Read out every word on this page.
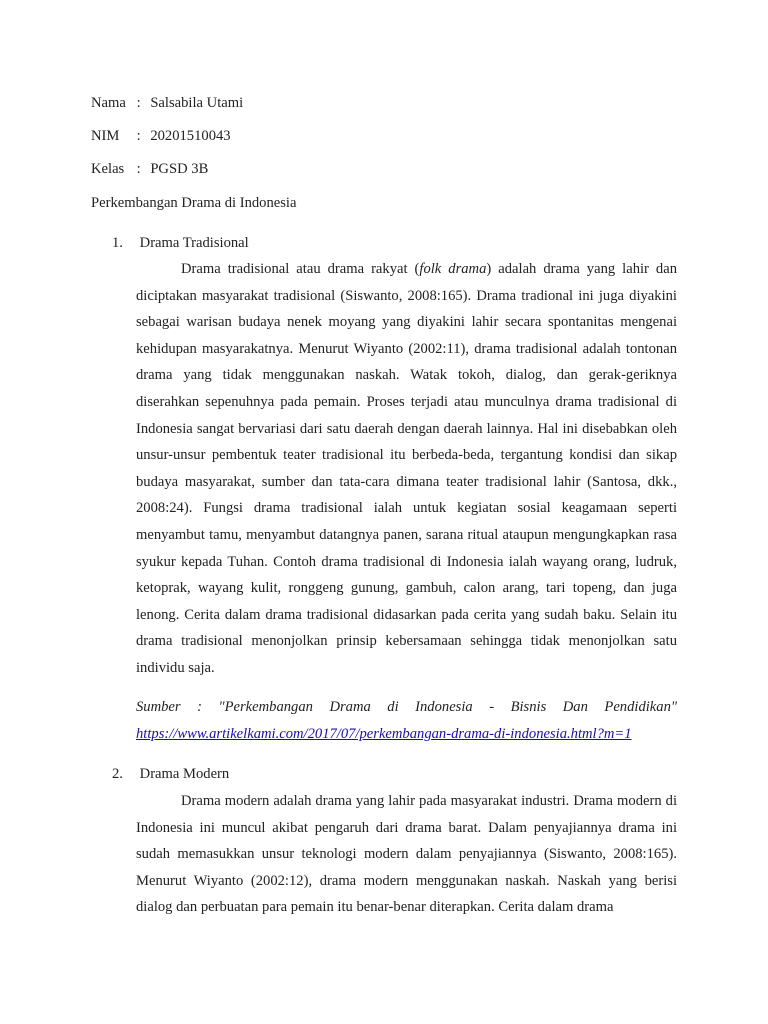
Nama : Salsabila Utami
NIM : 20201510043
Kelas : PGSD 3B
Perkembangan Drama di Indonesia
1. Drama Tradisional

Drama tradisional atau drama rakyat (folk drama) adalah drama yang lahir dan diciptakan masyarakat tradisional (Siswanto, 2008:165). Drama tradional ini juga diyakini sebagai warisan budaya nenek moyang yang diyakini lahir secara spontanitas mengenai kehidupan masyarakatnya. Menurut Wiyanto (2002:11), drama tradisional adalah tontonan drama yang tidak menggunakan naskah. Watak tokoh, dialog, dan gerak-geriknya diserahkan sepenuhnya pada pemain. Proses terjadi atau munculnya drama tradisional di Indonesia sangat bervariasi dari satu daerah dengan daerah lainnya. Hal ini disebabkan oleh unsur-unsur pembentuk teater tradisional itu berbeda-beda, tergantung kondisi dan sikap budaya masyarakat, sumber dan tata-cara dimana teater tradisional lahir (Santosa, dkk., 2008:24). Fungsi drama tradisional ialah untuk kegiatan sosial keagamaan seperti menyambut tamu, menyambut datangnya panen, sarana ritual ataupun mengungkapkan rasa syukur kepada Tuhan. Contoh drama tradisional di Indonesia ialah wayang orang, ludruk, ketoprak, wayang kulit, ronggeng gunung, gambuh, calon arang, tari topeng, dan juga lenong. Cerita dalam drama tradisional didasarkan pada cerita yang sudah baku. Selain itu drama tradisional menonjolkan prinsip kebersamaan sehingga tidak menonjolkan satu individu saja.

Sumber : "Perkembangan Drama di Indonesia - Bisnis Dan Pendidikan"
https://www.artikelkami.com/2017/07/perkembangan-drama-di-indonesia.html?m=1

2. Drama Modern

Drama modern adalah drama yang lahir pada masyarakat industri. Drama modern di Indonesia ini muncul akibat pengaruh dari drama barat. Dalam penyajiannya drama ini sudah memasukkan unsur teknologi modern dalam penyajiannya (Siswanto, 2008:165). Menurut Wiyanto (2002:12), drama modern menggunakan naskah. Naskah yang berisi dialog dan perbuatan para pemain itu benar-benar diterapkan. Cerita dalam drama
